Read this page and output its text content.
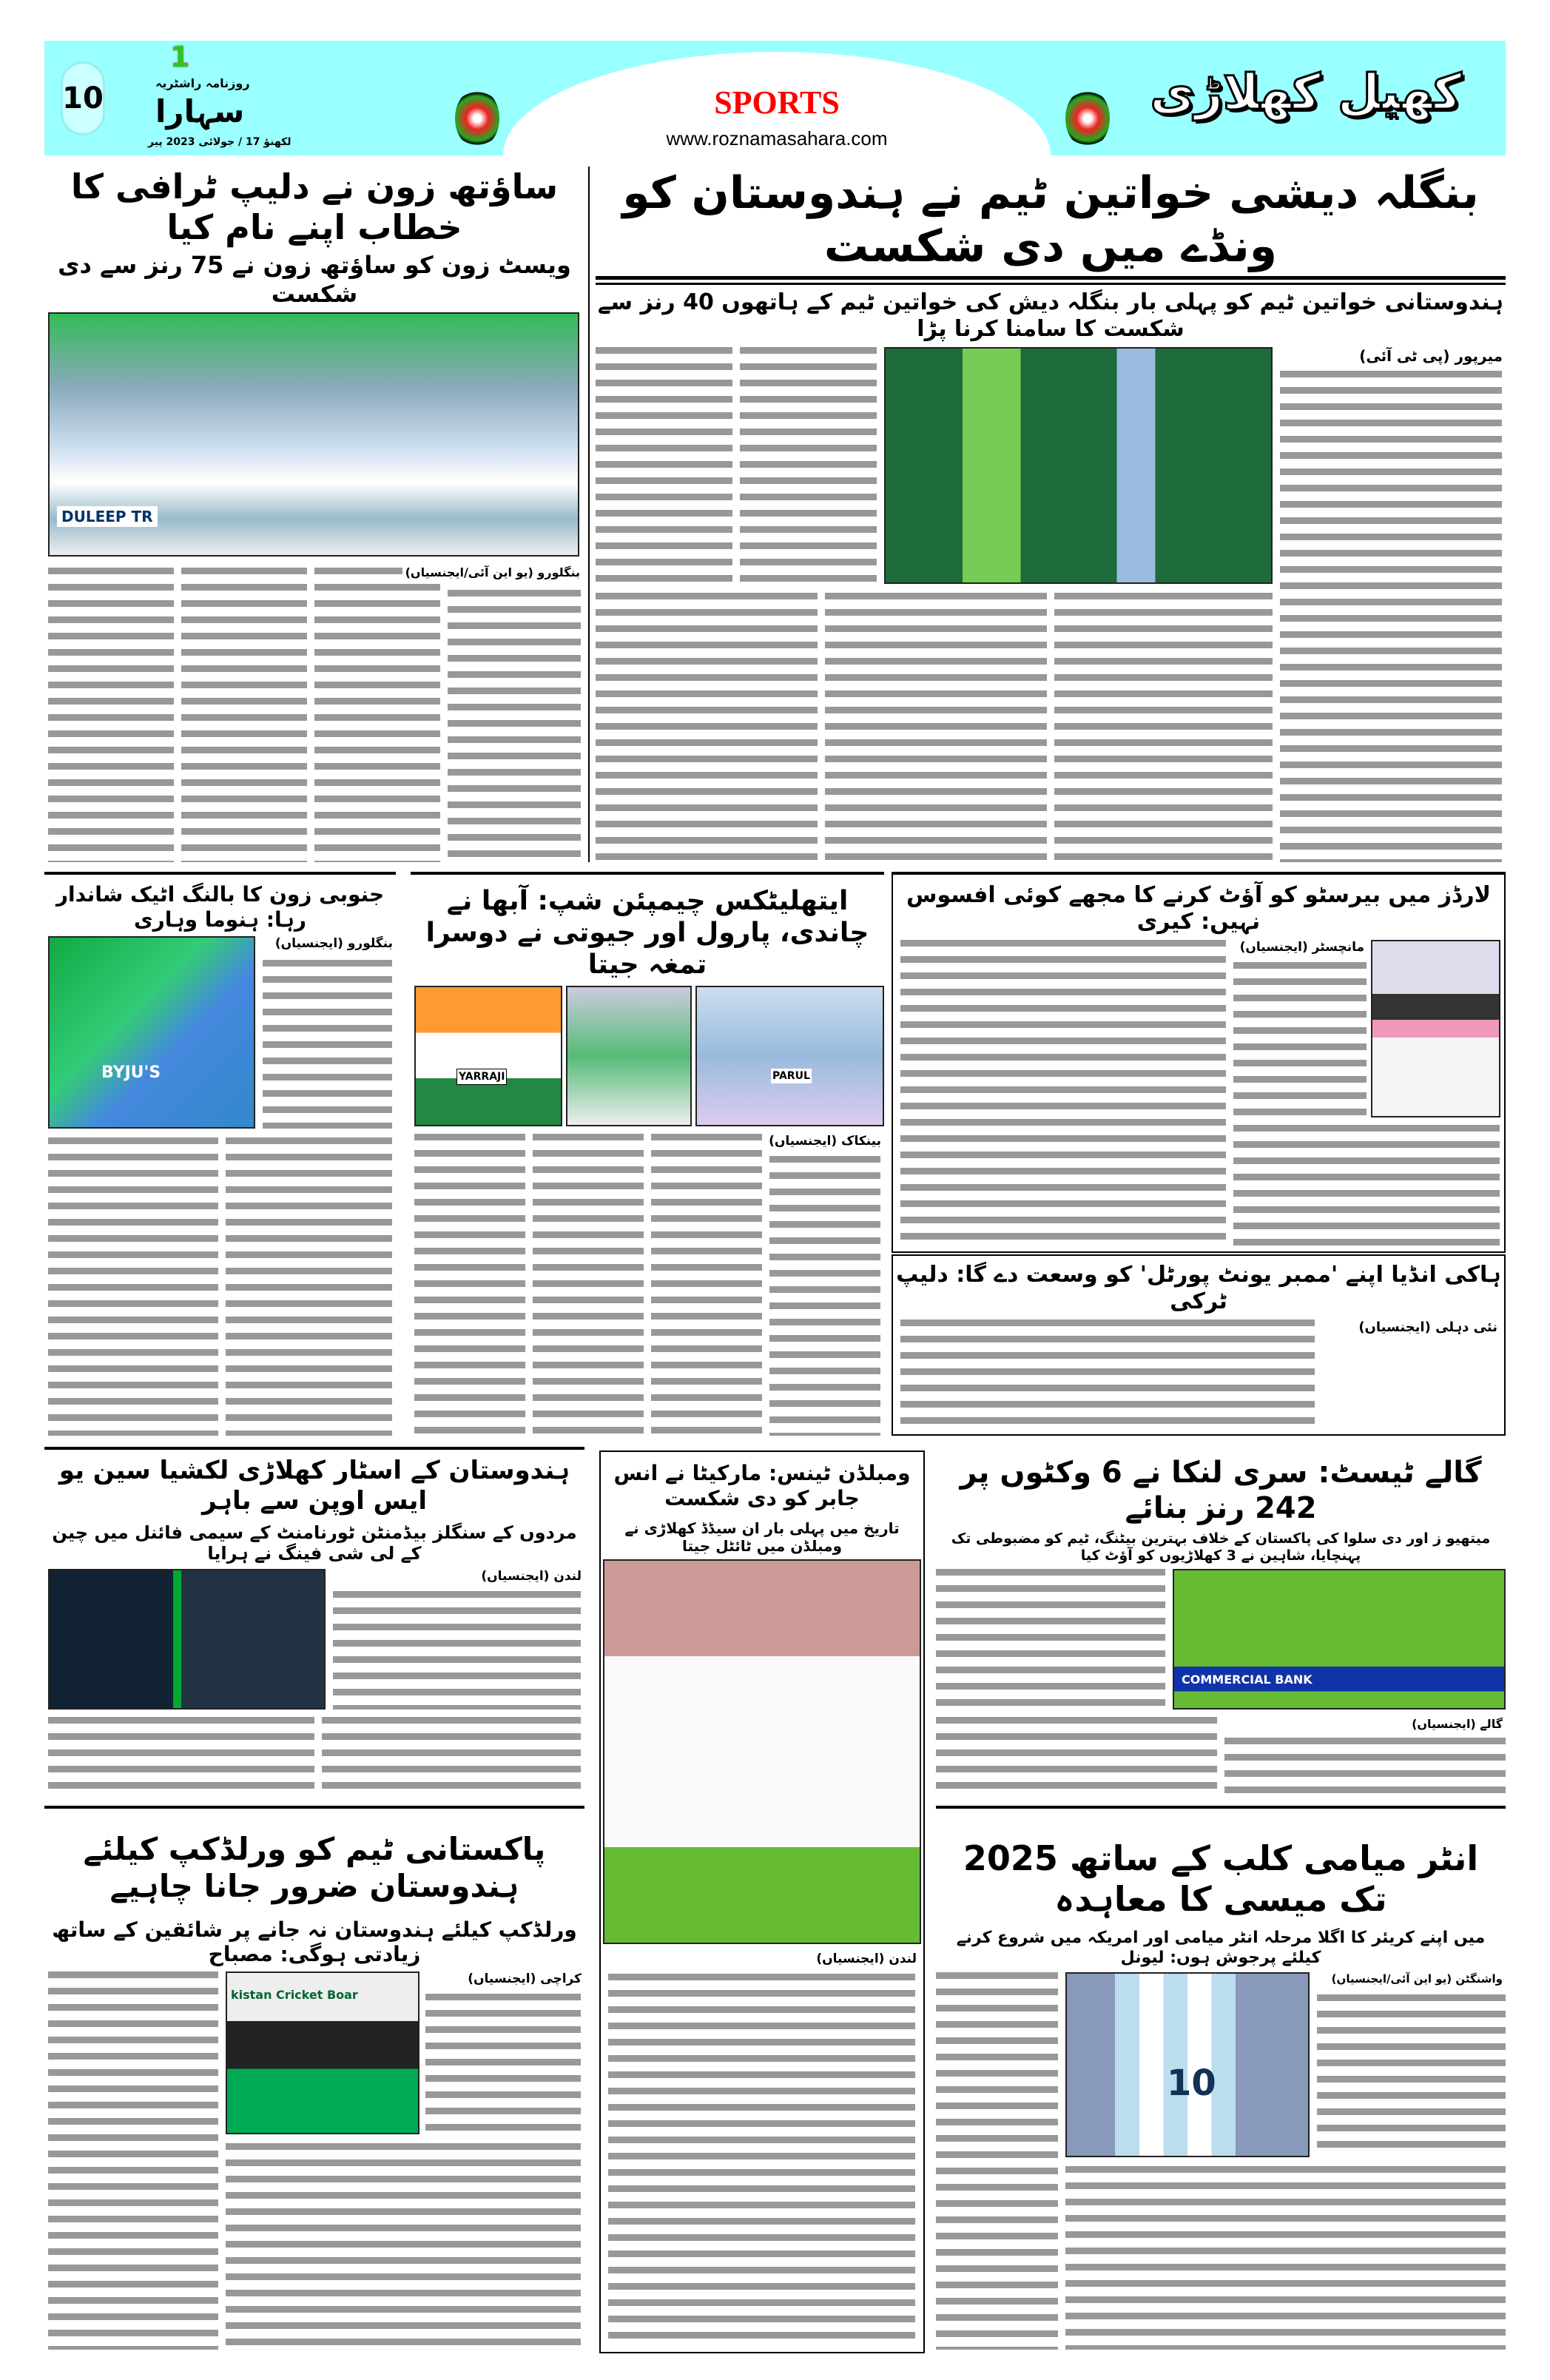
10
1
روزنامہ راشٹریہ
سہارا
لکھنؤ 17 / جولائی 2023 پیر
SPORTS
www.roznamasahara.com
کھیل کھلاڑی
ساؤتھ زون نے دلیپ ٹرافی کا خطاب اپنے نام کیا
ویسٹ زون کو ساؤتھ زون نے 75 رنز سے دی شکست
DULEEP TR
بنگلورو (یو این آئی/ایجنسیاں)
بنگلہ دیشی خواتین ٹیم نے ہندوستان کو ونڈے میں دی شکست
ہندوستانی خواتین ٹیم کو پہلی بار بنگلہ دیش کی خواتین ٹیم کے ہاتھوں 40 رنز سے شکست کا سامنا کرنا پڑا
میرپور (پی ٹی آئی)
جنوبی زون کا بالنگ اٹیک شاندار رہا: ہنوما وہاری
BYJU'S
بنگلورو (ایجنسیاں)
ایتھلیٹکس چیمپئن شپ: آبھا نے چاندی، پارول اور جیوتی نے دوسرا تمغہ جیتا
YARRAJI	PARUL
بینکاک (ایجنسیاں)
لارڈز میں بیرسٹو کو آؤٹ کرنے کا مجھے کوئی افسوس نہیں: کیری
مانچسٹر (ایجنسیاں)
ہاکی انڈیا اپنے 'ممبر یونٹ پورٹل' کو وسعت دے گا: دلیپ ٹرکی
نئی دہلی (ایجنسیاں)
ہندوستان کے اسٹار کھلاڑی لکشیا سین یو ایس اوپن سے باہر
مردوں کے سنگلز بیڈمنٹن ٹورنامنٹ کے سیمی فائنل میں چین کے لی شی فینگ نے ہرایا
لندن (ایجنسیاں)
ومبلڈن ٹینس: مارکیٹا نے انس جابر کو دی شکست
تاریخ میں پہلی بار ان سیڈڈ کھلاڑی نے ومبلڈن میں ٹائٹل جیتا
لندن (ایجنسیاں)
گالے ٹیسٹ: سری لنکا نے 6 وکٹوں پر 242 رنز بنائے
میتھیو ز اور دی سلوا کی پاکستان کے خلاف بہترین بیٹنگ، ٹیم کو مضبوطی تک پہنچایا، شاہین نے 3 کھلاڑیوں کو آؤٹ کیا
COMMERCIAL BANK
گالے (ایجنسیاں)
پاکستانی ٹیم کو ورلڈکپ کیلئے ہندوستان ضرور جانا چاہیے
ورلڈکپ کیلئے ہندوستان نہ جانے پر شائقین کے ساتھ زیادتی ہوگی: مصباح
kistan Cricket Boar
کراچی (ایجنسیاں)
انٹر میامی کلب کے ساتھ 2025 تک میسی کا معاہدہ
میں اپنے کریئر کا اگلا مرحلہ انٹر میامی اور امریکہ میں شروع کرنے کیلئے پرجوش ہوں: لیونل
10
واشنگٹن (یو این آئی/ایجنسیاں)
